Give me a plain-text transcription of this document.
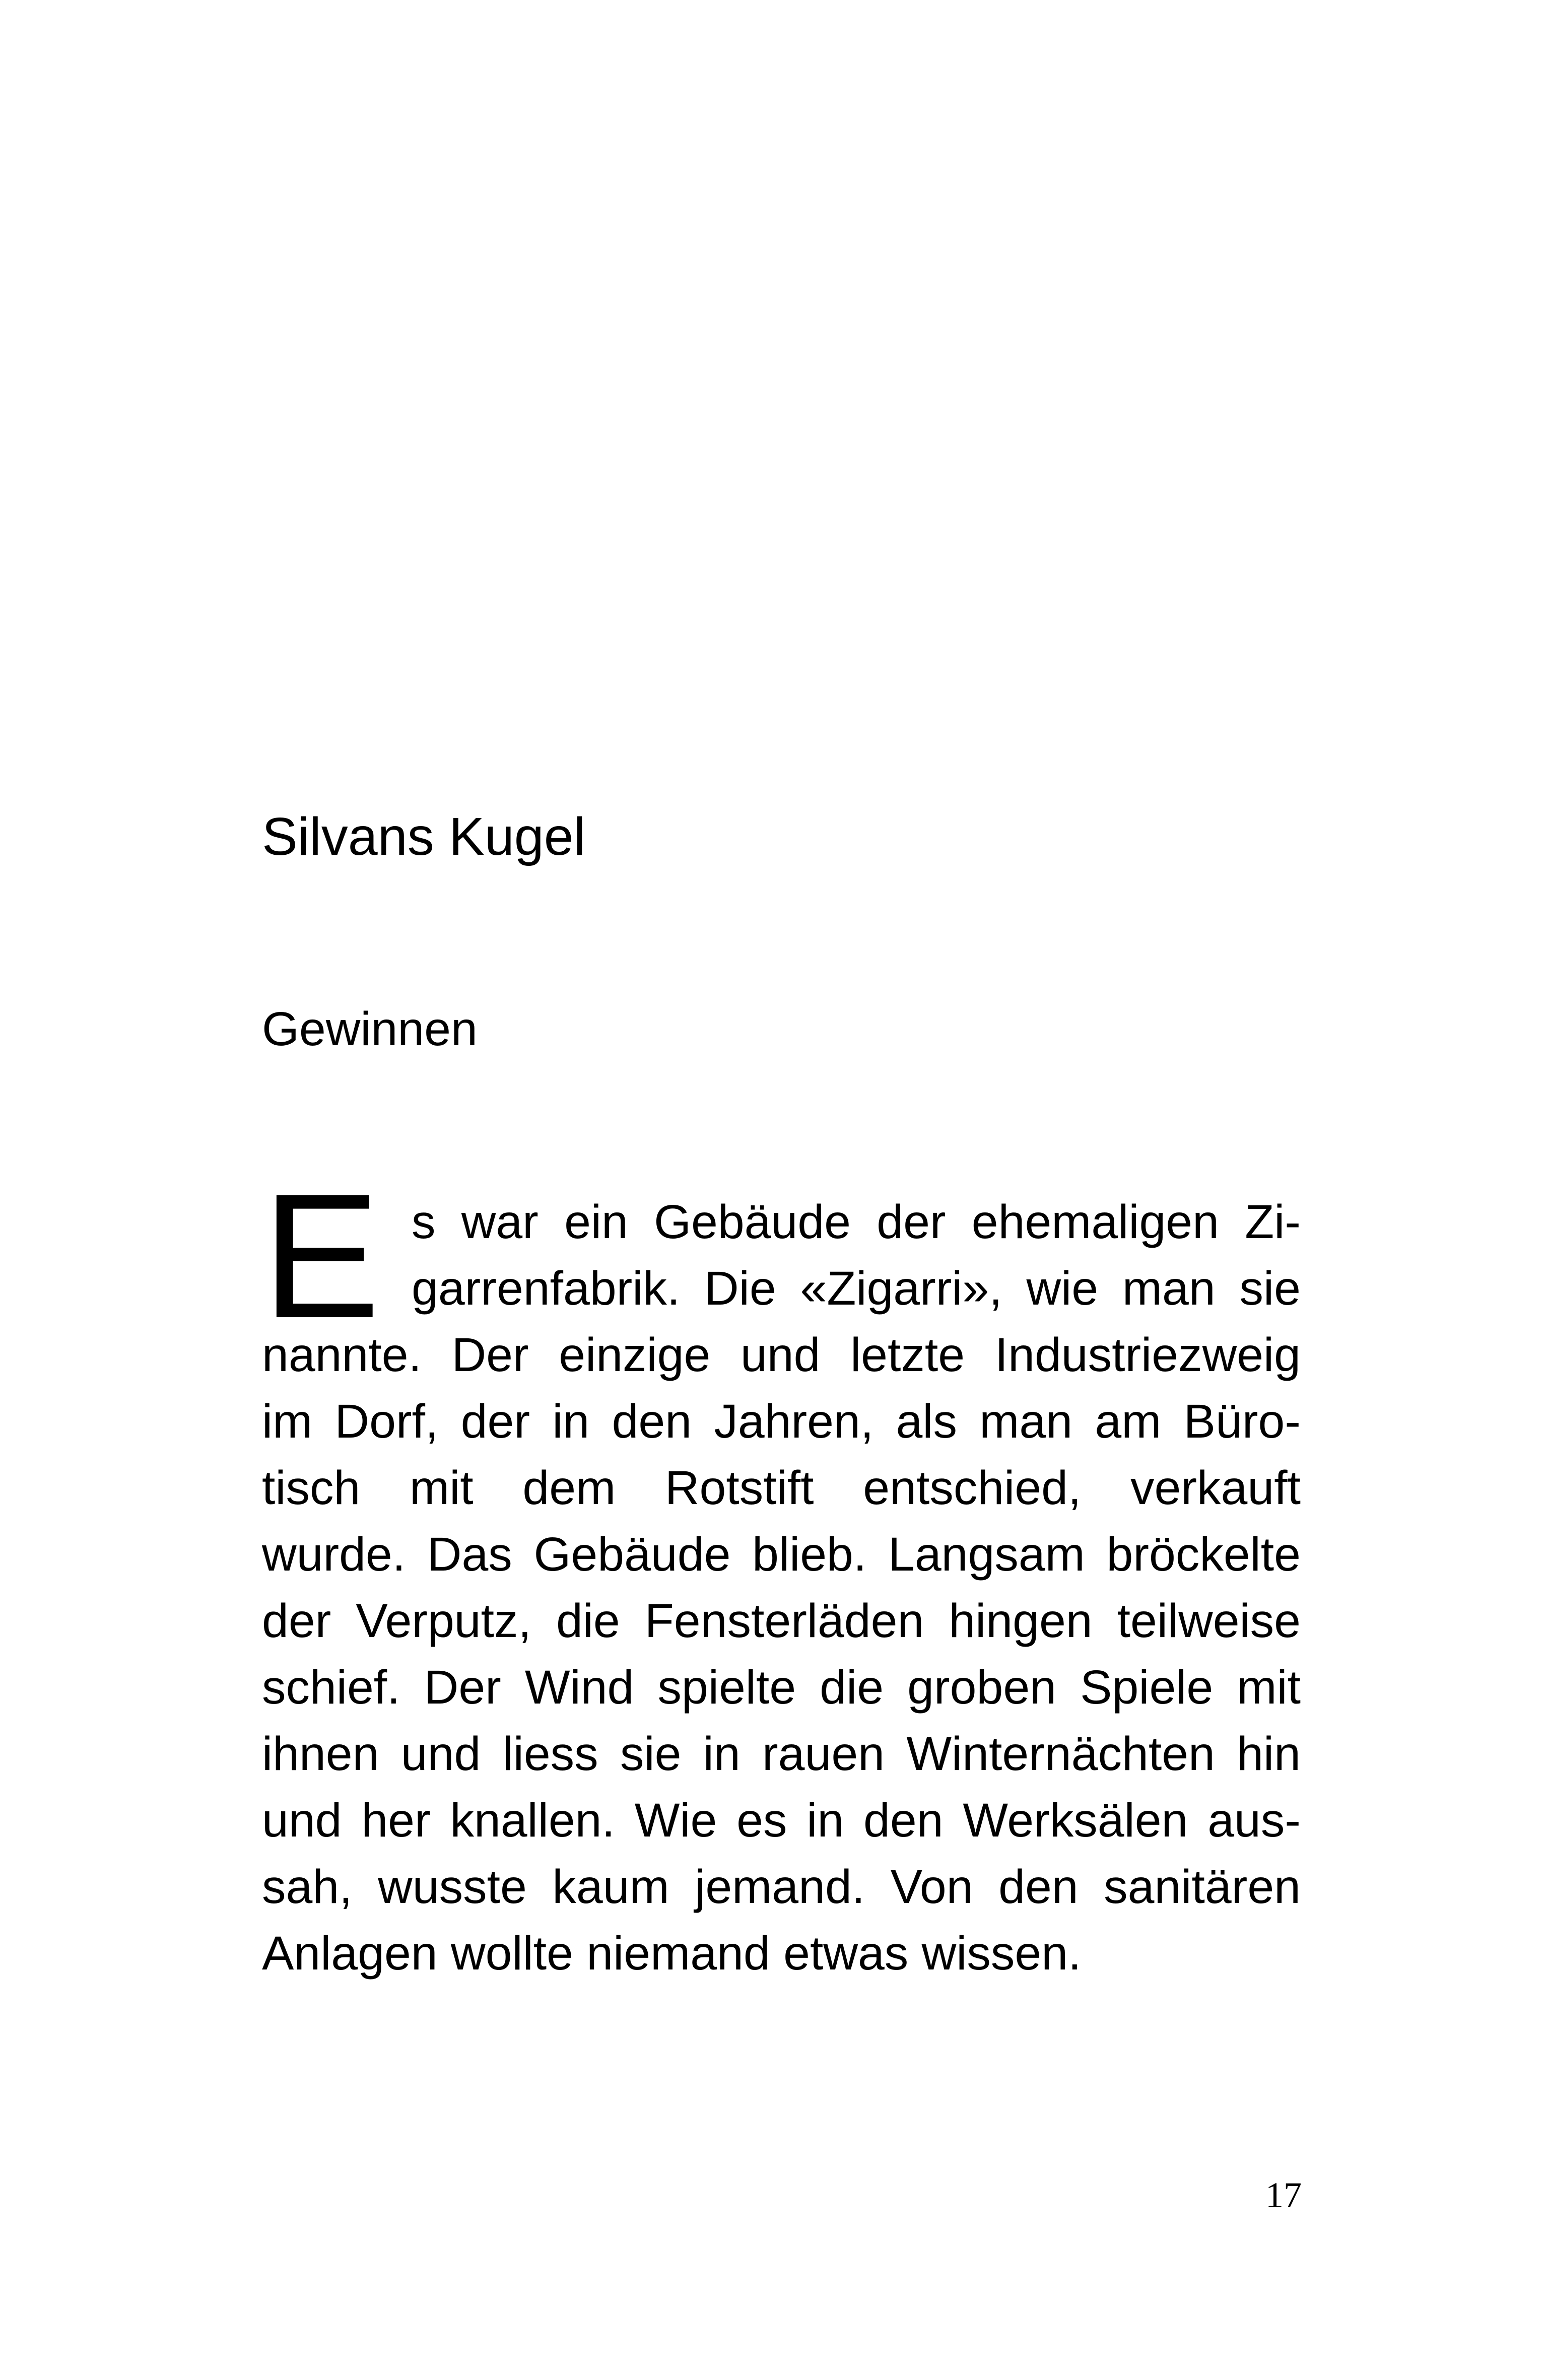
Silvans Kugel
Gewinnen
E s war ein Gebäude der ehemaligen Zi-
garrenfabrik. Die «Zigarri», wie man sie
nannte. Der einzige und letzte Industriezweig
im Dorf, der in den Jahren, als man am Büro-
tisch mit dem Rotstift entschied, verkauft
wurde. Das Gebäude blieb. Langsam bröckelte
der Verputz, die Fensterläden hingen teilweise
schief. Der Wind spielte die groben Spiele mit
ihnen und liess sie in rauen Winternächten hin
und her knallen. Wie es in den Werksälen aus-
sah, wusste kaum jemand. Von den sanitären
Anlagen wollte niemand etwas wissen.
17
